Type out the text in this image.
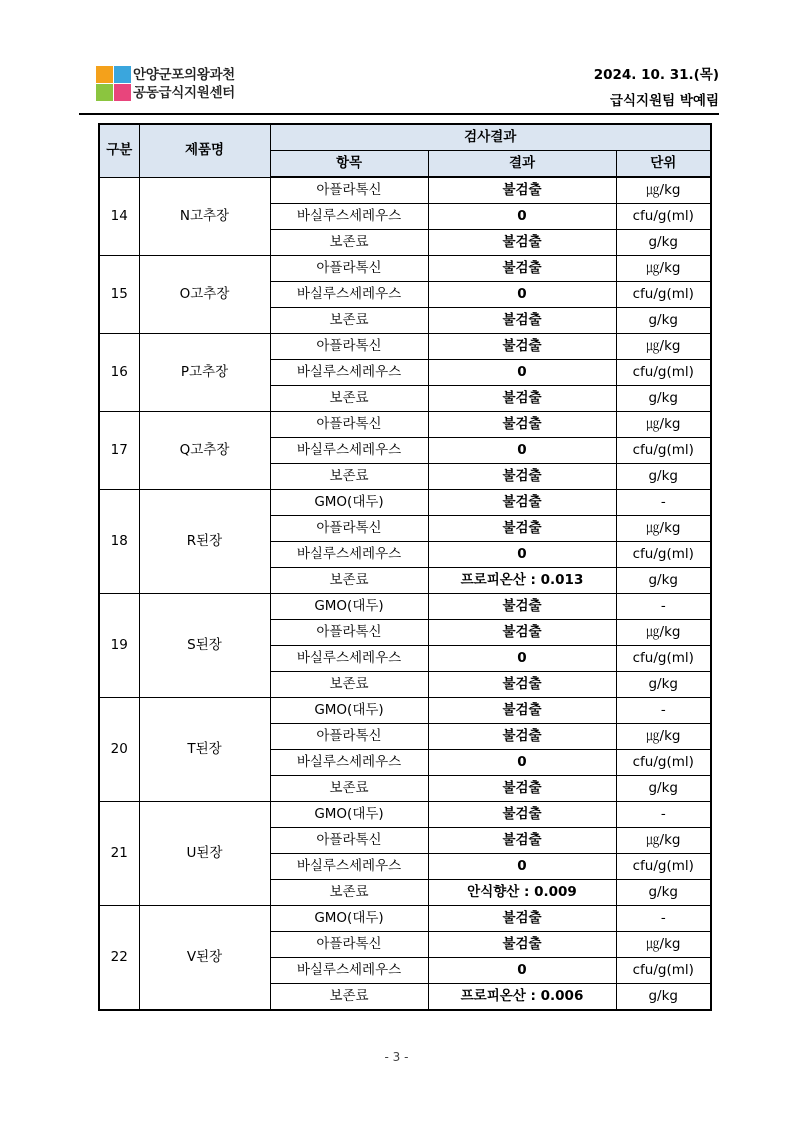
안양군포의왕과천
공동급식지원센터
2024. 10. 31.(목)
급식지원팀 박예림
구분	제품명	검사결과		
		항목	결과	단위
14	N고추장	아플라톡신	불검출	㎍/kg
		바실루스세레우스	0	cfu/g(ml)
		보존료	불검출	g/kg
15	O고추장	아플라톡신	불검출	㎍/kg
		바실루스세레우스	0	cfu/g(ml)
		보존료	불검출	g/kg
16	P고추장	아플라톡신	불검출	㎍/kg
		바실루스세레우스	0	cfu/g(ml)
		보존료	불검출	g/kg
17	Q고추장	아플라톡신	불검출	㎍/kg
		바실루스세레우스	0	cfu/g(ml)
		보존료	불검출	g/kg
18	R된장	GMO(대두)	불검출	-
		아플라톡신	불검출	㎍/kg
		바실루스세레우스	0	cfu/g(ml)
		보존료	프로피온산 : 0.013	g/kg
19	S된장	GMO(대두)	불검출	-
		아플라톡신	불검출	㎍/kg
		바실루스세레우스	0	cfu/g(ml)
		보존료	불검출	g/kg
20	T된장	GMO(대두)	불검출	-
		아플라톡신	불검출	㎍/kg
		바실루스세레우스	0	cfu/g(ml)
		보존료	불검출	g/kg
21	U된장	GMO(대두)	불검출	-
		아플라톡신	불검출	㎍/kg
		바실루스세레우스	0	cfu/g(ml)
		보존료	안식향산 : 0.009	g/kg
22	V된장	GMO(대두)	불검출	-
		아플라톡신	불검출	㎍/kg
		바실루스세레우스	0	cfu/g(ml)
		보존료	프로피온산 : 0.006	g/kg
- 3 -
